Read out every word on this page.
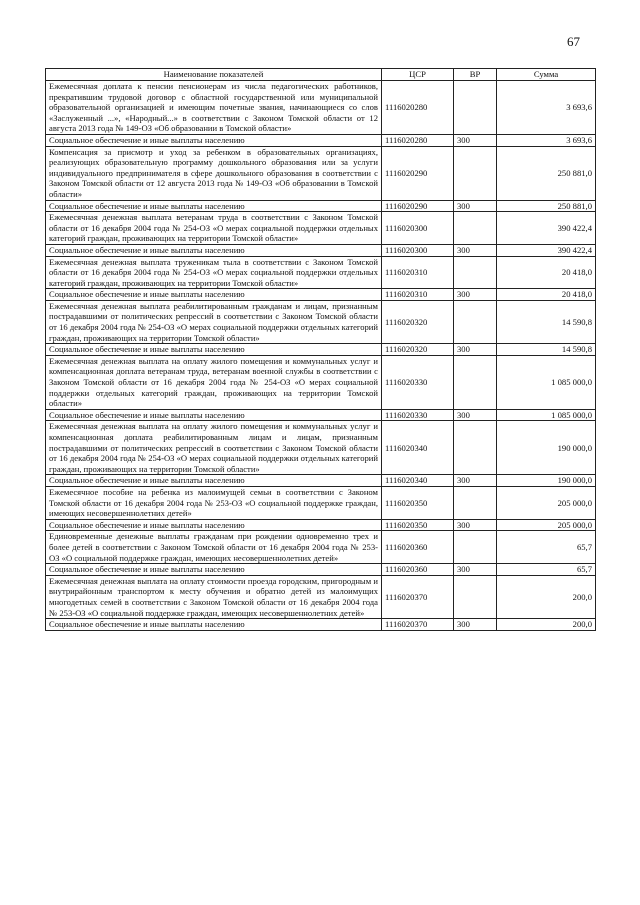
67
Наименование показателей	ЦСР	ВР	Сумма
Ежемесячная доплата к пенсии пенсионерам из числа педагогических работников, прекратившим трудовой договор с областной государственной или муниципальной образовательной организацией и имеющим почетные звания, начинающиеся со слов «Заслуженный ...», «Народный...» в соответствии с Законом Томской области от 12 августа 2013 года № 149-ОЗ «Об образовании в Томской области»	1116020280		3 693,6
Социальное обеспечение и иные выплаты населению	1116020280	300	3 693,6
Компенсация за присмотр и уход за ребенком в образовательных организациях, реализующих образовательную программу дошкольного образования или за услуги индивидуального предпринимателя в сфере дошкольного образования в соответствии с Законом Томской области от 12 августа 2013 года № 149-ОЗ «Об образовании в Томской области»	1116020290		250 881,0
Социальное обеспечение и иные выплаты населению	1116020290	300	250 881,0
Ежемесячная денежная выплата ветеранам труда в соответствии с Законом Томской области от 16 декабря 2004 года № 254-ОЗ «О мерах социальной поддержки отдельных категорий граждан, проживающих на территории Томской области»	1116020300		390 422,4
Социальное обеспечение и иные выплаты населению	1116020300	300	390 422,4
Ежемесячная денежная выплата труженикам тыла в соответствии с Законом Томской области от 16 декабря 2004 года № 254-ОЗ «О мерах социальной поддержки отдельных категорий граждан, проживающих на территории Томской области»	1116020310		20 418,0
Социальное обеспечение и иные выплаты населению	1116020310	300	20 418,0
Ежемесячная денежная выплата реабилитированным гражданам и лицам, признанным пострадавшими от политических репрессий в соответствии с Законом Томской области от 16 декабря 2004 года № 254-ОЗ «О мерах социальной поддержки отдельных категорий граждан, проживающих на территории Томской области»	1116020320		14 590,8
Социальное обеспечение и иные выплаты населению	1116020320	300	14 590,8
Ежемесячная денежная выплата на оплату жилого помещения и коммунальных услуг и компенсационная доплата ветеранам труда, ветеранам военной службы в соответствии с Законом Томской области от 16 декабря 2004 года № 254-ОЗ «О мерах социальной поддержки отдельных категорий граждан, проживающих на территории Томской области»	1116020330		1 085 000,0
Социальное обеспечение и иные выплаты населению	1116020330	300	1 085 000,0
Ежемесячная денежная выплата на оплату жилого помещения и коммунальных услуг и компенсационная доплата реабилитированным лицам и лицам, признанным пострадавшими от политических репрессий в соответствии с Законом Томской области от 16 декабря 2004 года № 254-ОЗ «О мерах социальной поддержки отдельных категорий граждан, проживающих на территории Томской области»	1116020340		190 000,0
Социальное обеспечение и иные выплаты населению	1116020340	300	190 000,0
Ежемесячное пособие на ребенка из малоимущей семьи в соответствии с Законом Томской области от 16 декабря 2004 года № 253-ОЗ «О социальной поддержке граждан, имеющих несовершеннолетних детей»	1116020350		205 000,0
Социальное обеспечение и иные выплаты населению	1116020350	300	205 000,0
Единовременные денежные выплаты гражданам при рождении одновременно трех и более детей в соответствии с Законом Томской области от 16 декабря 2004 года № 253-ОЗ «О социальной поддержке граждан, имеющих несовершеннолетних детей»	1116020360		65,7
Социальное обеспечение и иные выплаты населению	1116020360	300	65,7
Ежемесячная денежная выплата на оплату стоимости проезда городским, пригородным и внутрирайонным транспортом к месту обучения и обратно детей из малоимущих многодетных семей в соответствии с Законом Томской области от 16 декабря 2004 года № 253-ОЗ «О социальной поддержке граждан, имеющих несовершеннолетних детей»	1116020370		200,0
Социальное обеспечение и иные выплаты населению	1116020370	300	200,0
